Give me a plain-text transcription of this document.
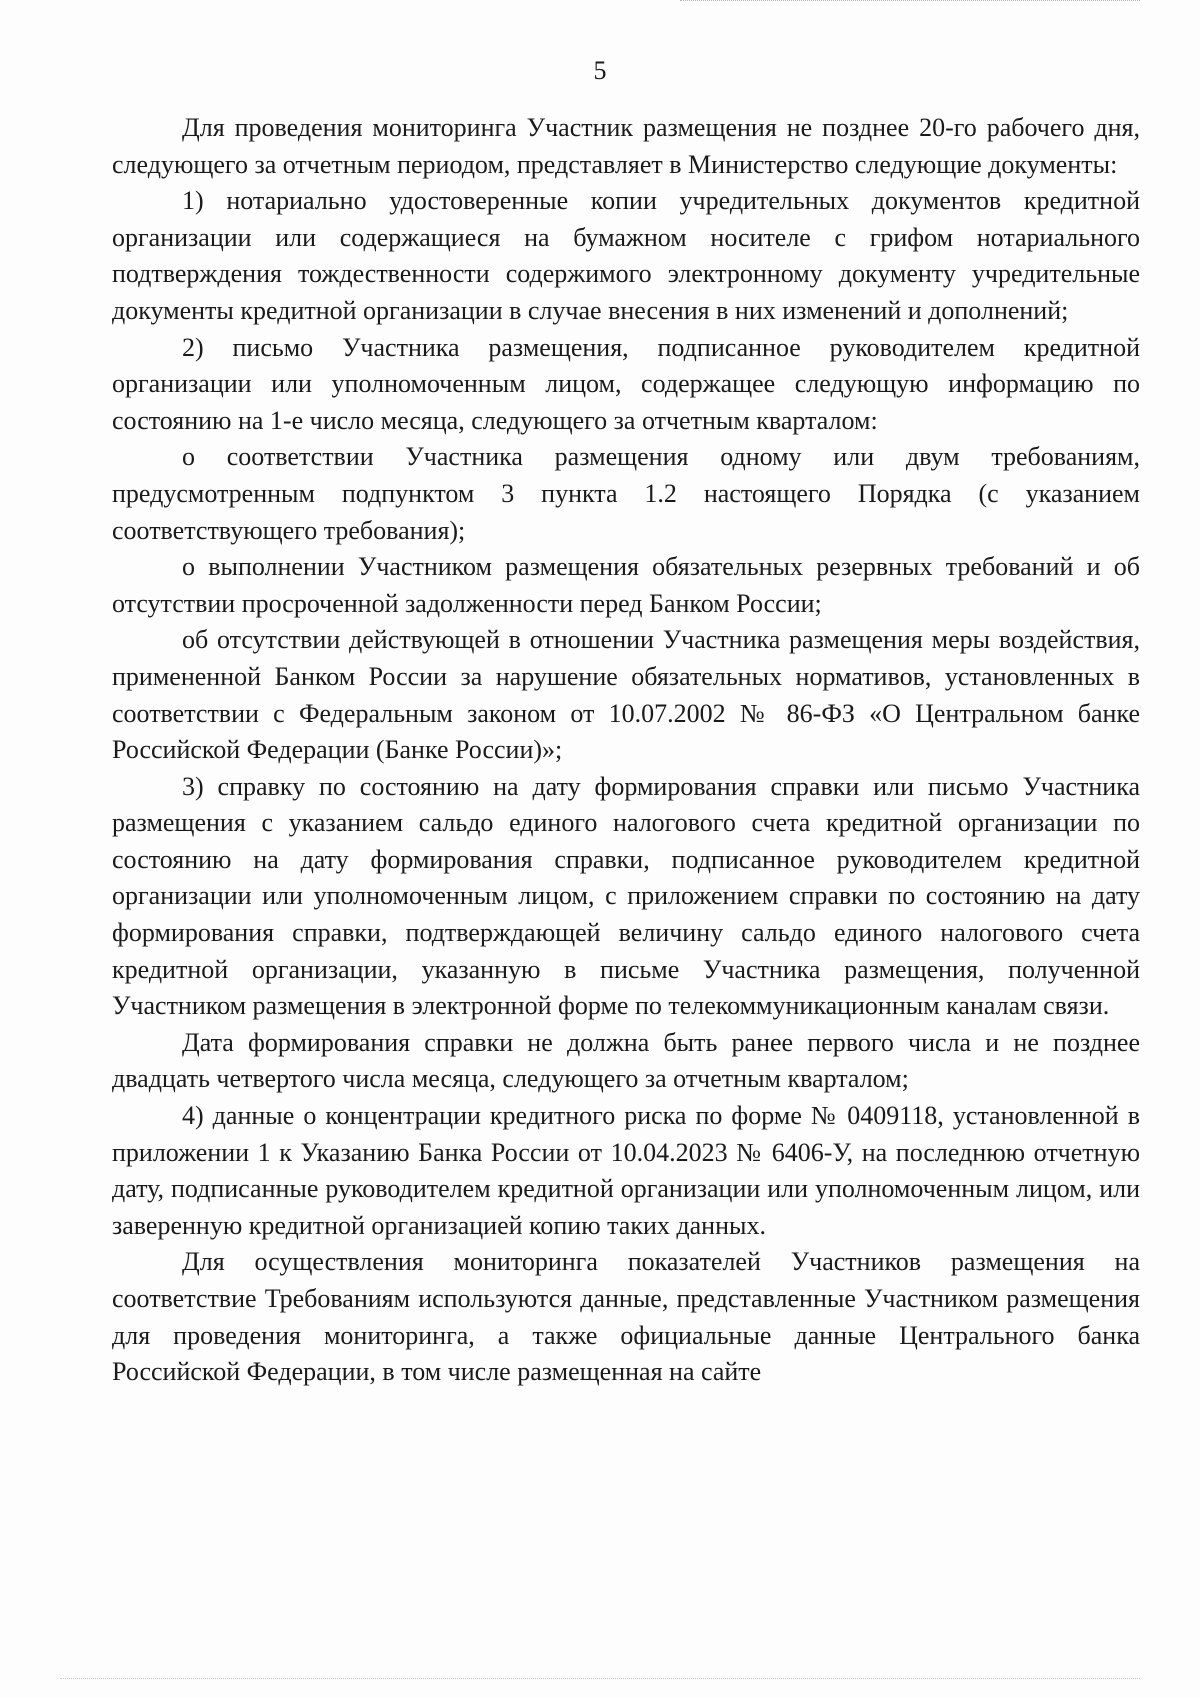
5

Для проведения мониторинга Участник размещения не позднее 20-го рабочего дня, следующего за отчетным периодом, представляет в Министерство следующие документы:

1) нотариально удостоверенные копии учредительных документов кредитной организации или содержащиеся на бумажном носителе с грифом нотариального подтверждения тождественности содержимого электронному документу учредительные документы кредитной организации в случае внесения в них изменений и дополнений;

2) письмо Участника размещения, подписанное руководителем кредитной организации или уполномоченным лицом, содержащее следующую информацию по состоянию на 1-е число месяца, следующего за отчетным кварталом:

о соответствии Участника размещения одному или двум требованиям, предусмотренным подпунктом 3 пункта 1.2 настоящего Порядка (с указанием соответствующего требования);

о выполнении Участником размещения обязательных резервных требований и об отсутствии просроченной задолженности перед Банком России;

об отсутствии действующей в отношении Участника размещения меры воздействия, примененной Банком России за нарушение обязательных нормативов, установленных в соответствии с Федеральным законом от 10.07.2002 № 86-ФЗ «О Центральном банке Российской Федерации (Банке России)»;

3) справку по состоянию на дату формирования справки или письмо Участника размещения с указанием сальдо единого налогового счета кредитной организации по состоянию на дату формирования справки, подписанное руководителем кредитной организации или уполномоченным лицом, с приложением справки по состоянию на дату формирования справки, подтверждающей величину сальдо единого налогового счета кредитной организации, указанную в письме Участника размещения, полученной Участником размещения в электронной форме по телекоммуникационным каналам связи.

Дата формирования справки не должна быть ранее первого числа и не позднее двадцать четвертого числа месяца, следующего за отчетным кварталом;

4) данные о концентрации кредитного риска по форме № 0409118, установленной в приложении 1 к Указанию Банка России от 10.04.2023 № 6406-У, на последнюю отчетную дату, подписанные руководителем кредитной организации или уполномоченным лицом, или заверенную кредитной организацией копию таких данных.

Для осуществления мониторинга показателей Участников размещения на соответствие Требованиям используются данные, представленные Участником размещения для проведения мониторинга, а также официальные данные Центрального банка Российской Федерации, в том числе размещенная на сайте
